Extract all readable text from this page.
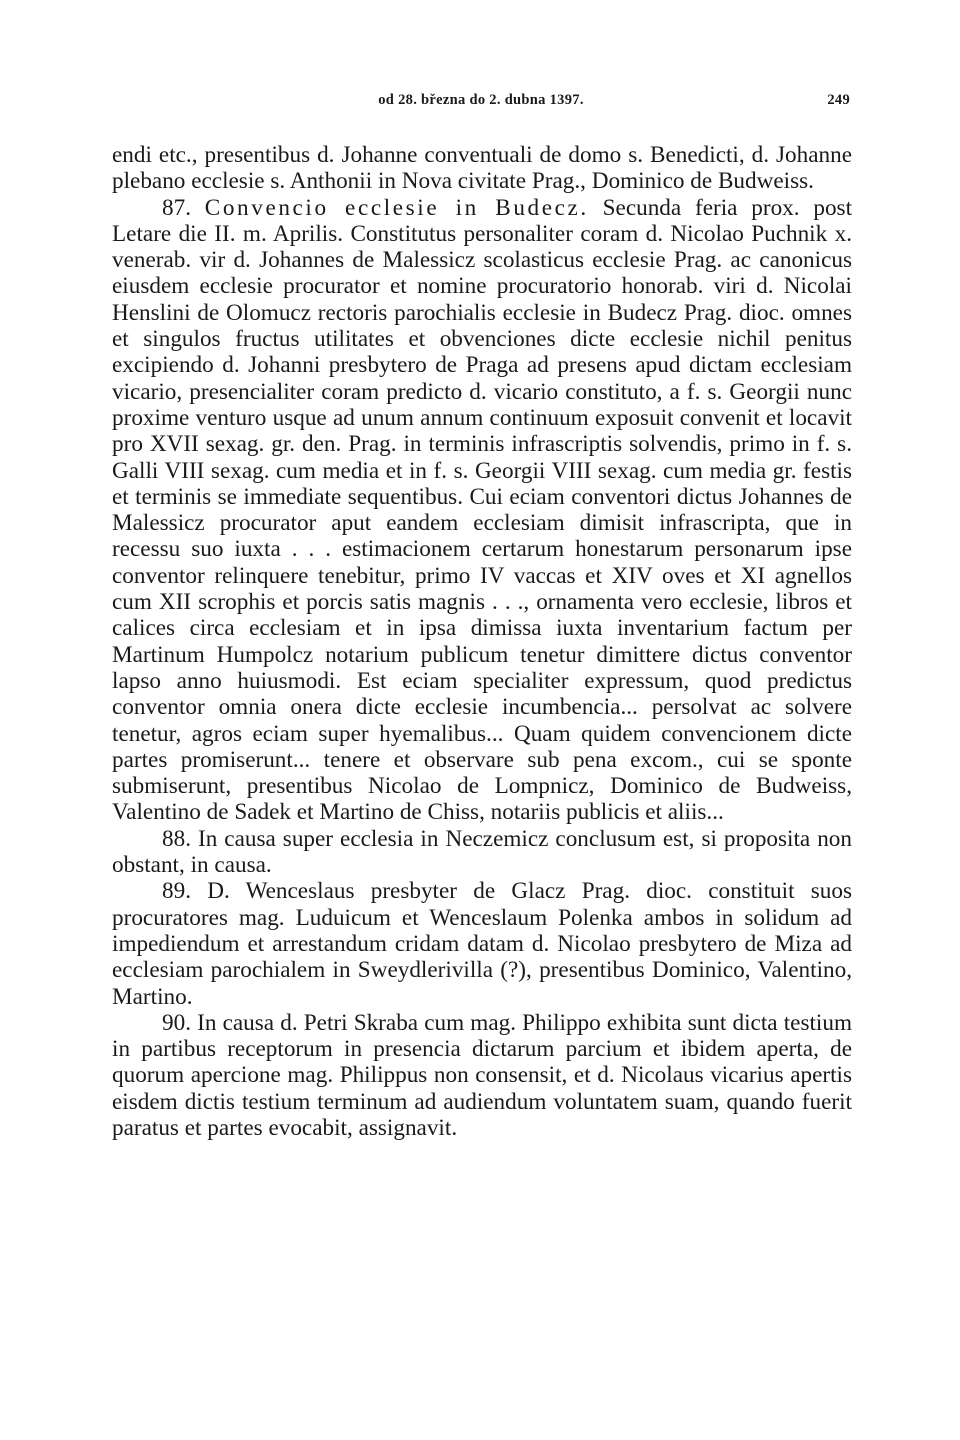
od 28. března do 2. dubna 1397.	249

endi etc., presentibus d. Johanne conventuali de domo s. Benedicti, d. Johanne plebano ecclesie s. Anthonii in Nova civitate Prag., Dominico de Budweiss.

87. Convencio ecclesie in Budecz. Secunda feria prox. post Letare die II. m. Aprilis. Constitutus personaliter coram d. Nicolao Puchnik x. venerab. vir d. Johannes de Malessicz scolasticus ecclesie Prag. ac canonicus eiusdem ecclesie procurator et nomine procuratorio honorab. viri d. Nicolai Henslini de Olomucz rectoris parochialis ecclesie in Budecz Prag. dioc. omnes et singulos fructus utilitates et obvenciones dicte ecclesie nichil penitus excipiendo d. Johanni presbytero de Praga ad presens apud dictam ecclesiam vicario, presencialiter coram predicto d. vicario constituto, a f. s. Georgii nunc proxime venturo usque ad unum annum continuum exposuit convenit et locavit pro XVII sexag. gr. den. Prag. in terminis infrascriptis solvendis, primo in f. s. Galli VIII sexag. cum media et in f. s. Georgii VIII sexag. cum media gr. festis et terminis se immediate sequentibus. Cui eciam conventori dictus Johannes de Malessicz procurator aput eandem ecclesiam dimisit infrascripta, que in recessu suo iuxta . . . estimacionem certarum honestarum personarum ipse conventor relinquere tenebitur, primo IV vaccas et XIV oves et XI agnellos cum XII scrophis et porcis satis magnis . . ., ornamenta vero ecclesie, libros et calices circa ecclesiam et in ipsa dimissa iuxta inventarium factum per Martinum Humpolcz notarium publicum tenetur dimittere dictus conventor lapso anno huiusmodi. Est eciam specialiter expressum, quod predictus conventor omnia onera dicte ecclesie incumbencia... persolvat ac solvere tenetur, agros eciam super hyemalibus... Quam quidem convencionem dicte partes promiserunt... tenere et observare sub pena excom., cui se sponte submiserunt, presentibus Nicolao de Lompnicz, Dominico de Budweiss, Valentino de Sadek et Martino de Chiss, notariis publicis et aliis...

88. In causa super ecclesia in Neczemicz conclusum est, si proposita non obstant, in causa.

89. D. Wenceslaus presbyter de Glacz Prag. dioc. constituit suos procuratores mag. Luduicum et Wenceslaum Polenka ambos in solidum ad impediendum et arrestandum cridam datam d. Nicolao presbytero de Miza ad ecclesiam parochialem in Sweydlerivilla (?), presentibus Dominico, Valentino, Martino.

90. In causa d. Petri Skraba cum mag. Philippo exhibita sunt dicta testium in partibus receptorum in presencia dictarum parcium et ibidem aperta, de quorum apercione mag. Philippus non consensit, et d. Nicolaus vicarius apertis eisdem dictis testium terminum ad audiendum voluntatem suam, quando fuerit paratus et partes evocabit, assignavit.
